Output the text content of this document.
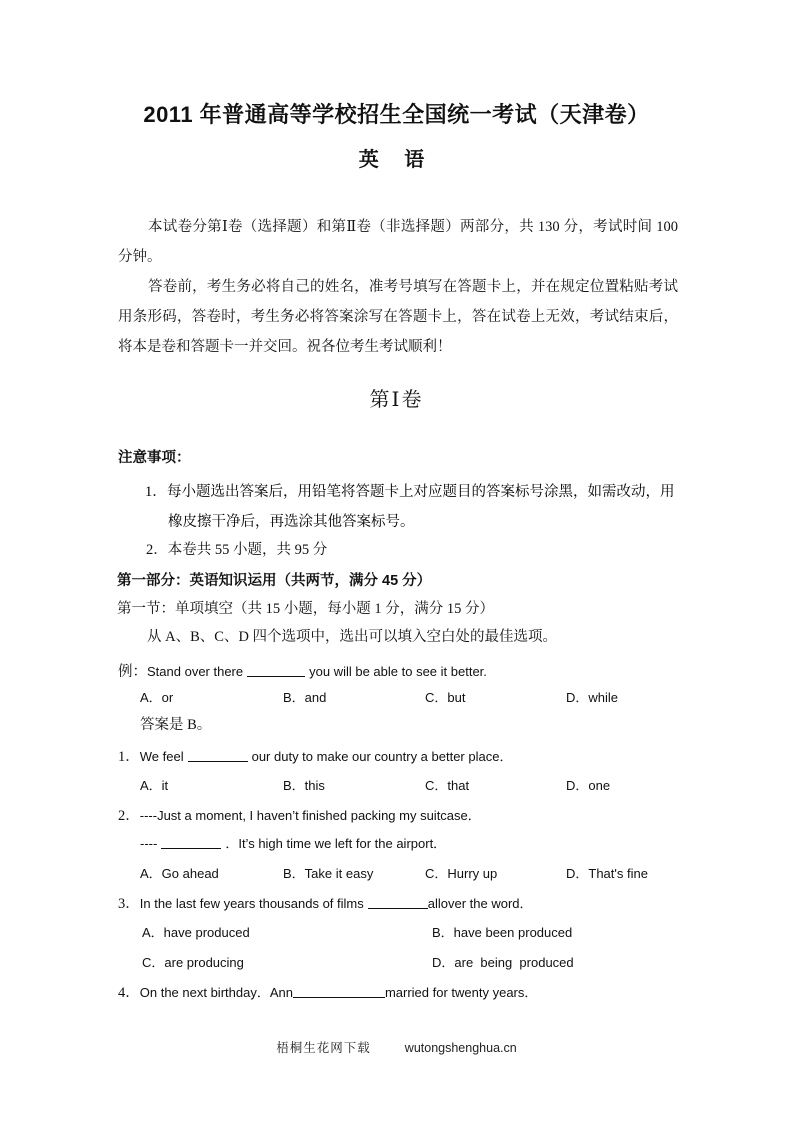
2011 年普通高等学校招生全国统一考试（天津卷）
英 语
本试卷分第Ⅰ卷（选择题）和第Ⅱ卷（非选择题）两部分，共 130 分，考试时间 100 分钟。
答卷前，考生务必将自己的姓名，准考号填写在答题卡上，并在规定位置粘贴考试用条形码，答卷时，考生务必将答案涂写在答题卡上，答在试卷上无效，考试结束后，将本是卷和答题卡一并交回。祝各位考生考试顺利！
第Ⅰ卷
注意事项：
1． 每小题选出答案后，用铅笔将答题卡上对应题目的答案标号涂黑，如需改动，用橡皮擦干净后，再选涂其他答案标号。
2．本卷共 55 小题，共 95 分
第一部分：英语知识运用（共两节，满分 45 分）
第一节：单项填空（共 15 小题，每小题 1 分，满分 15 分）
从 A、B、C、D 四个选项中，选出可以填入空白处的最佳选项。
例：Stand over there	you will be able to see it better.
A．or	B．and	C．but	D．while
答案是 B。
1．We feel	our duty to make our country a better place．
A．it	B．this	C．that	D．one
2．----Just a moment, I haven’t finished packing my suitcase．
----	．It’s high time we left for the airport．
A．Go ahead	B．Take it easy	C．Hurry up	D．That's fine
3．In the last few years thousands of films	allover the word．
A．have produced	B．have been produced
C．are producing	D．are  being  produced
4．On the next birthday．Ann	married for twenty years．
梧桐生花网下载	wutongshenghua.cn
